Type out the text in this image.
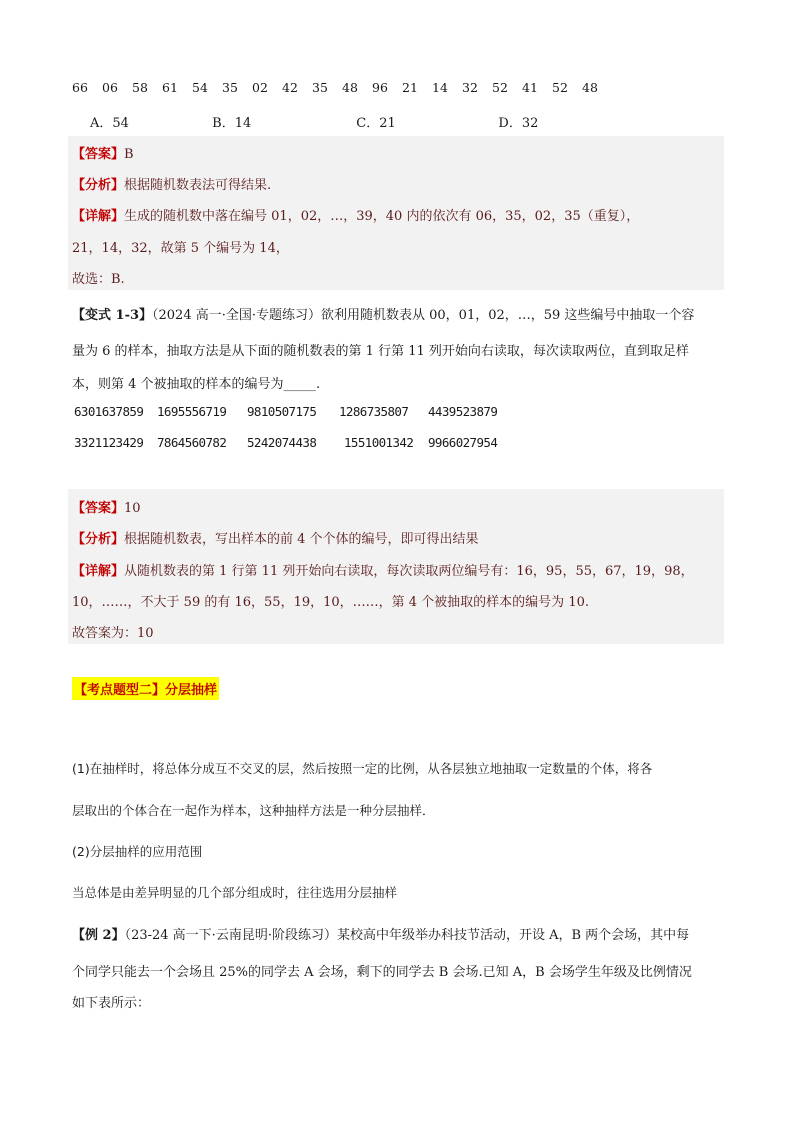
66 06 58 61 54 35 02 42 35 48 96 21 14 32 52 41 52 48
A．54	B．14	C．21	D．32
【答案】B
【分析】根据随机数表法可得结果.
【详解】生成的随机数中落在编号 01，02，…，39，40 内的依次有 06，35，02，35（重复），
21，14，32，故第 5 个编号为 14，
故选：B.
【变式 1-3】（2024 高一·全国·专题练习）欲利用随机数表从 00，01，02，…，59 这些编号中抽取一个容
量为 6 的样本，抽取方法是从下面的随机数表的第 1 行第 11 列开始向右读取，每次读取两位，直到取足样
本，则第 4 个被抽取的样本的编号为_____.
6301637859 1695556719 9810507175 1286735807 4439523879
3321123429 7864560782 5242074438 1551001342 9966027954
【答案】10
【分析】根据随机数表，写出样本的前 4 个个体的编号，即可得出结果
【详解】从随机数表的第 1 行第 11 列开始向右读取，每次读取两位编号有：16，95，55，67，19，98，
10，……，不大于 59 的有 16，55，19，10，……，第 4 个被抽取的样本的编号为 10.
故答案为：10
【考点题型二】分层抽样
(1)在抽样时，将总体分成互不交叉的层，然后按照一定的比例，从各层独立地抽取一定数量的个体，将各
层取出的个体合在一起作为样本，这种抽样方法是一种分层抽样．
(2)分层抽样的应用范围
当总体是由差异明显的几个部分组成时，往往选用分层抽样
【例 2】（23-24 高一下·云南昆明·阶段练习）某校高中年级举办科技节活动，开设 A，B 两个会场，其中每
个同学只能去一个会场且 25%的同学去 A 会场，剩下的同学去 B 会场.已知 A，B 会场学生年级及比例情况
如下表所示：
